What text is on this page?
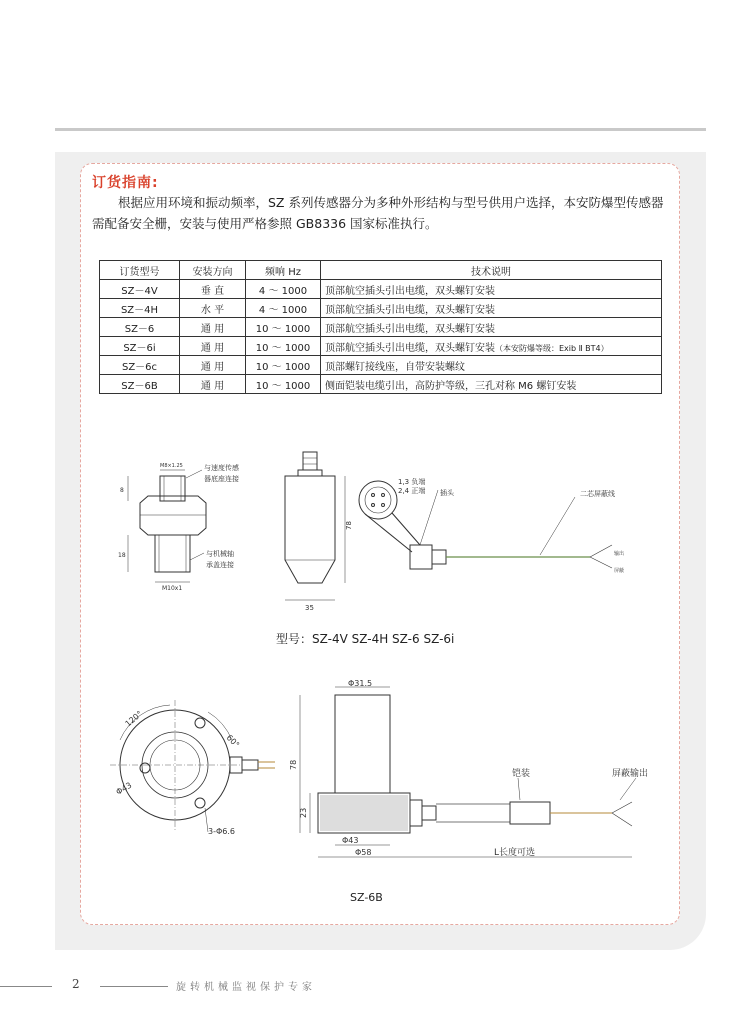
订货指南:
根据应用环境和振动频率，SZ 系列传感器分为多种外形结构与型号供用户选择，本安防爆型传感器需配备安全栅，安装与使用严格参照 GB8336 国家标准执行。
订货型号	安装方向	频响 Hz	技术说明
SZ－4V	垂 直	4 ～ 1000	顶部航空插头引出电缆，双头螺钉安装
SZ－4H	水 平	4 ～ 1000	顶部航空插头引出电缆，双头螺钉安装
SZ－6	通 用	10 ～ 1000	顶部航空插头引出电缆，双头螺钉安装
SZ－6i	通 用	10 ～ 1000	顶部航空插头引出电缆，双头螺钉安装（本安防爆等级：Exib Ⅱ BT4）
SZ－6c	通 用	10 ～ 1000	顶部螺钉接线座，自带安装螺纹
SZ－6B	通 用	10 ～ 1000	侧面铠装电缆引出，高防护等级，三孔对称 M6 螺钉安装
M8×1.25
8
18
M10x1
与速度传感
器底座连接
与机械轴
承盖连接
78
35
1,3 负端
2,4 正端 插头	二芯屏蔽线
输出
屏蔽
型号：SZ-4V SZ-4H SZ-6 SZ-6i
120°
60°
Φ43
3-Φ6.6
Φ31.5
78
23
Φ43
Φ58
铠装	屏蔽输出
L长度可选
SZ-6B
2	旋转机械监视保护专家
